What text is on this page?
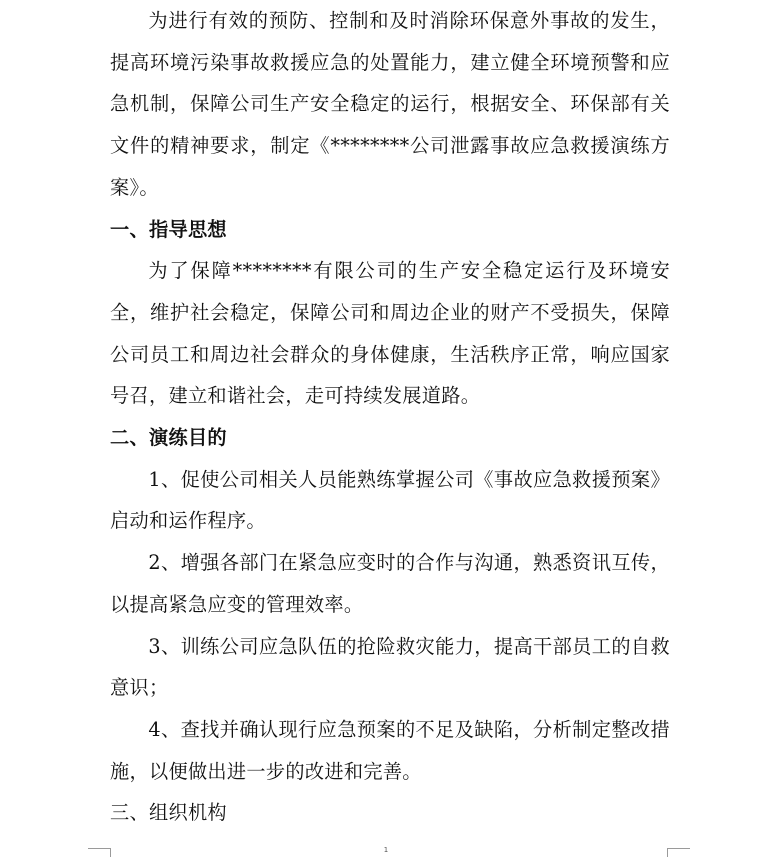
为进行有效的预防、控制和及时消除环保意外事故的发生，提高环境污染事故救援应急的处置能力，建立健全环境预警和应急机制，保障公司生产安全稳定的运行，根据安全、环保部有关文件的精神要求，制定《********公司泄露事故应急救援演练方案》。

一、指导思想

为了保障********有限公司的生产安全稳定运行及环境安全，维护社会稳定，保障公司和周边企业的财产不受损失，保障公司员工和周边社会群众的身体健康，生活秩序正常，响应国家号召，建立和谐社会，走可持续发展道路。

二、演练目的

1、促使公司相关人员能熟练掌握公司《事故应急救援预案》启动和运作程序。

2、增强各部门在紧急应变时的合作与沟通，熟悉资讯互传，以提高紧急应变的管理效率。

3、训练公司应急队伍的抢险救灾能力，提高干部员工的自救意识；

4、查找并确认现行应急预案的不足及缺陷，分析制定整改措施，以便做出进一步的改进和完善。

三、组织机构

1
